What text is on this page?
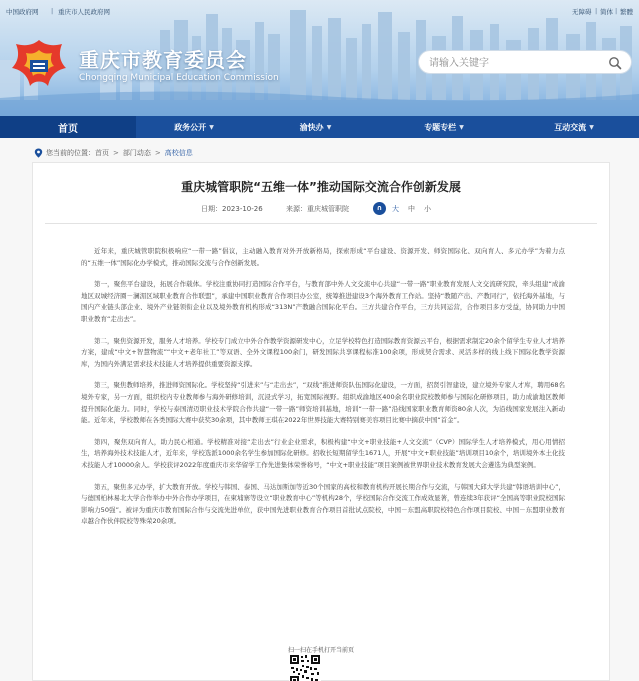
中国政府网 | 重庆市人民政府网	无障碍 | 简体 | 繁體
重庆市教育委员会
Chongqing Municipal Education Commission
请输入关键字
首页	政务公开 ▼	渝快办 ▼	专题专栏 ▼	互动交流 ▼
您当前的位置： 首页 > 部门动态 > 高校信息
重庆城管职院“五维一体”推动国际交流合作创新发展
日期：2023-10-26	来源：重庆城管职院	∩	大 中 小

近年来，重庆城管职院积极响应“一带一路”倡议，主动融入教育对外开放新格局，探索形成“平台建设、资源开发、师资国际化、双向育人、多元办学”为着力点的“五维一体”国际化办学模式，推动国际交流与合作创新发展。

第一，聚焦平台建设，拓展合作载体。学校注重协同打造国际合作平台，与教育部中外人文交流中心共建“一带一路”职业教育发展人文交流研究院，牵头组建“成渝地区双城经济圈－澜湄区域职业教育合作联盟”，承建中国职业教育合作项目办公室，统筹推进建设3个海外教育工作站。坚持“教随产出、产教同行”，依托海外基地，与国内产业链头部企业、境外产业链领衔企业以及境外教育机构形成“313N”产教融合国际化平台。三方共建合作平台，三方共同运营，合作项目多方受益，协同助力中国职业教育“走出去”。

第二，聚焦资源开发，服务人才培养。学校专门成立中外合作教学资源研发中心，立足学校特色打造国际教育资源云平台，根据需求制定20余个留学生专业人才培养方案，建成“中文+智慧物流”“中文+老年社工”等双语、全外文课程100余门，研发国际共享课程标准100余项，形成契合需求、灵活多样的线上线下国际化教学资源库，为国内外满足需求技术技能人才培养提供重要资源支撑。

第三，聚焦教师培养，推进师资国际化。学校坚持“引进来”与“走出去”，“双线”推进师资队伍国际化建设，一方面，招贤引智建设，建立境外专家人才库，聘用68名境外专家，另一方面，组织校内专业教师参与海外研修培训，沉浸式学习，拓宽国际视野。组织成渝地区400余名职业院校教师参与国际化研修项目，助力成渝地区教师提升国际化能力。同时，学校与泰国清迈职业技术学院合作共建“一带一路”师资培训基地，培训“一带一路”沿线国家职业教育师资80余人次，为沿线国家发展注入新动能。近年来，学校教师在各类国际大赛中获奖30余项，其中教师王琪在2022年世界技能大赛特别赛美容项目比赛中摘获中国“首金”。

第四，聚焦双向育人，助力民心相通。学校精准对接“走出去”行业企业需求，积极构建“中文+职业技能+人文交流”（CVP）国际学生人才培养模式，用心用情招生，培养海外技术技能人才，近年来，学校选派1000余名学生参加国际化研修。招收长短期留学生1671人，开展“中文+职业技能”培训项目10余个，培训境外本土化技术技能人才10000余人。学校获评2022年度重庆市来华留学工作先进集体荣誉称号，“中文+职业技能”项目案例被世界职业技术教育发展大会遴选为典型案例。

第五，聚焦多元办学，扩大教育开放。学校与韩国、泰国、马达加斯加等近30个国家的高校和教育机构开展长期合作与交流，与韩国大邱大学共建“韩语培训中心”，与德国柏林易北大学合作举办中外合作办学项目，在柬埔寨等设立“职业教育中心”等机构28个，学校国际合作交流工作成效显著，曾连续3年获评“全国高等职业院校国际影响力50强”。被评为重庆市教育国际合作与交流先进单位，获中国先进职业教育合作项目首批试点院校，中国－东盟高职院校特色合作项目院校、中国－东盟职业教育卓越合作伙伴院校等殊荣20余项。

扫一扫在手机打开当前页
